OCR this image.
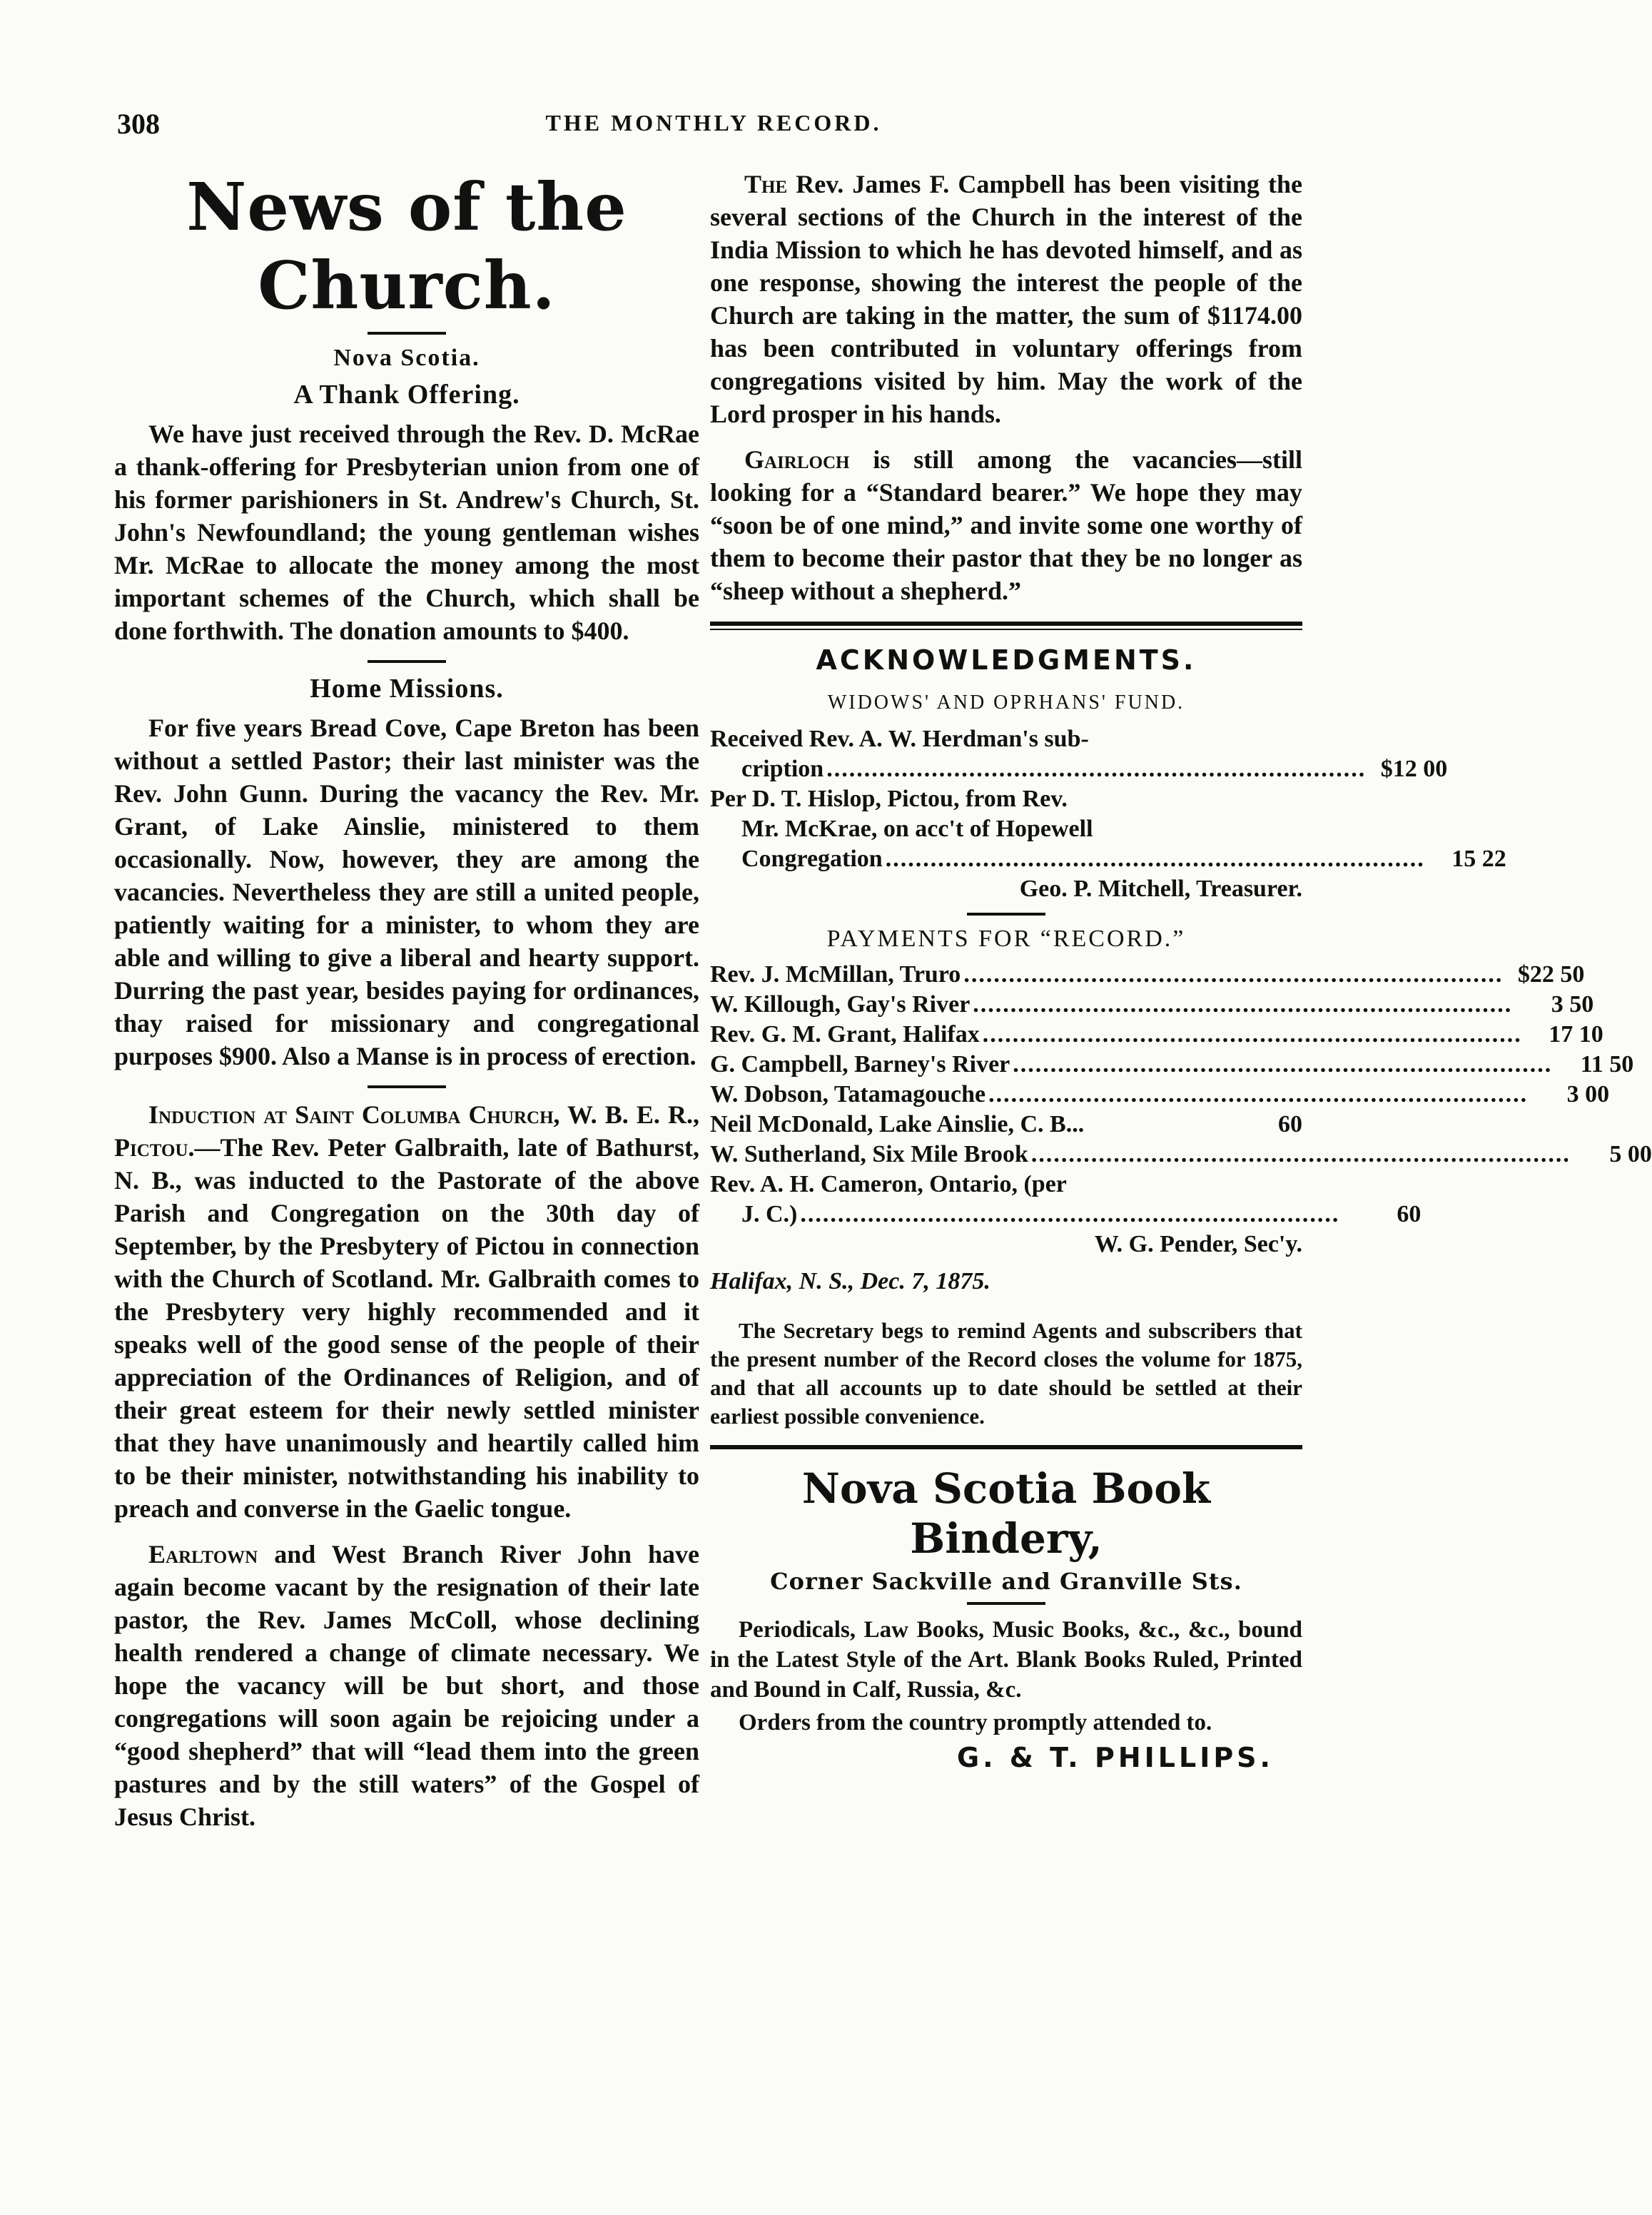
308	THE MONTHLY RECORD.
News of the Church.
Nova Scotia.
A Thank Offering.

We have just received through the Rev. D. McRae a thank-offering for Presbyterian union from one of his former parishioners in St. Andrew's Church, St. John's Newfoundland; the young gentleman wishes Mr. McRae to allocate the money among the most important schemes of the Church, which shall be done forthwith. The donation amounts to $400.

Home Missions.

For five years Bread Cove, Cape Breton has been without a settled Pastor; their last minister was the Rev. John Gunn. During the vacancy the Rev. Mr. Grant, of Lake Ainslie, ministered to them occasionally. Now, however, they are among the vacancies. Nevertheless they are still a united people, patiently waiting for a minister, to whom they are able and willing to give a liberal and hearty support. Durring the past year, besides paying for ordinances, thay raised for missionary and congregational purposes $900. Also a Manse is in process of erection.

Induction at Saint Columba Church, W. B. E. R., Pictou.—The Rev. Peter Galbraith, late of Bathurst, N. B., was inducted to the Pastorate of the above Parish and Congregation on the 30th day of September, by the Presbytery of Pictou in connection with the Church of Scotland. Mr. Galbraith comes to the Presbytery very highly recommended and it speaks well of the good sense of the people of their appreciation of the Ordinances of Religion, and of their great esteem for their newly settled minister that they have unanimously and heartily called him to be their minister, notwithstanding his inability to preach and converse in the Gaelic tongue.

Earltown and West Branch River John have again become vacant by the resignation of their late pastor, the Rev. James McColl, whose declining health rendered a change of climate necessary. We hope the vacancy will be but short, and those congregations will soon again be rejoicing under a “good shepherd” that will “lead them into the green pastures and by the still waters” of the Gospel of Jesus Christ.

The Rev. James F. Campbell has been visiting the several sections of the Church in the interest of the India Mission to which he has devoted himself, and as one response, showing the interest the people of the Church are taking in the matter, the sum of $1174.00 has been contributed in voluntary offerings from congregations visited by him. May the work of the Lord prosper in his hands.

Gairloch is still among the vacancies—still looking for a “Standard bearer.” We hope they may “soon be of one mind,” and invite some one worthy of them to become their pastor that they be no longer as “sheep without a shepherd.”

ACKNOWLEDGMENTS.
WIDOWS' AND OPRHANS' FUND.
Received Rev. A. W. Herdman's sub-
cription ........................................................................ $12 00
Per D. T. Hislop, Pictou, from Rev.
Mr. McKrae, on acc't of Hopewell
Congregation ........................................................................	15 22
Geo. P. Mitchell, Treasurer.
PAYMENTS FOR “RECORD.”
Rev. J. McMillan, Truro ........................................................................ $22 50
W. Killough, Gay's River ........................................................................	3 50
Rev. G. M. Grant, Halifax ........................................................................	17 10
G. Campbell, Barney's River ........................................................................	11 50
W. Dobson, Tatamagouche ........................................................................	3 00
Neil McDonald, Lake Ainslie, C. B...	60
W. Sutherland, Six Mile Brook ........................................................................	5 00
Rev. A. H. Cameron, Ontario, (per
J. C.) ........................................................................	60
W. G. Pender, Sec'y.
Halifax, N. S., Dec. 7, 1875.
The Secretary begs to remind Agents and subscribers that the present number of the Record closes the volume for 1875, and that all accounts up to date should be settled at their earliest possible convenience.
Nova Scotia Book Bindery,
Corner Sackville and Granville Sts.
Periodicals, Law Books, Music Books, &c., &c., bound in the Latest Style of the Art. Blank Books Ruled, Printed and Bound in Calf, Russia, &c.
Orders from the country promptly attended to.
G. & T. PHILLIPS.
